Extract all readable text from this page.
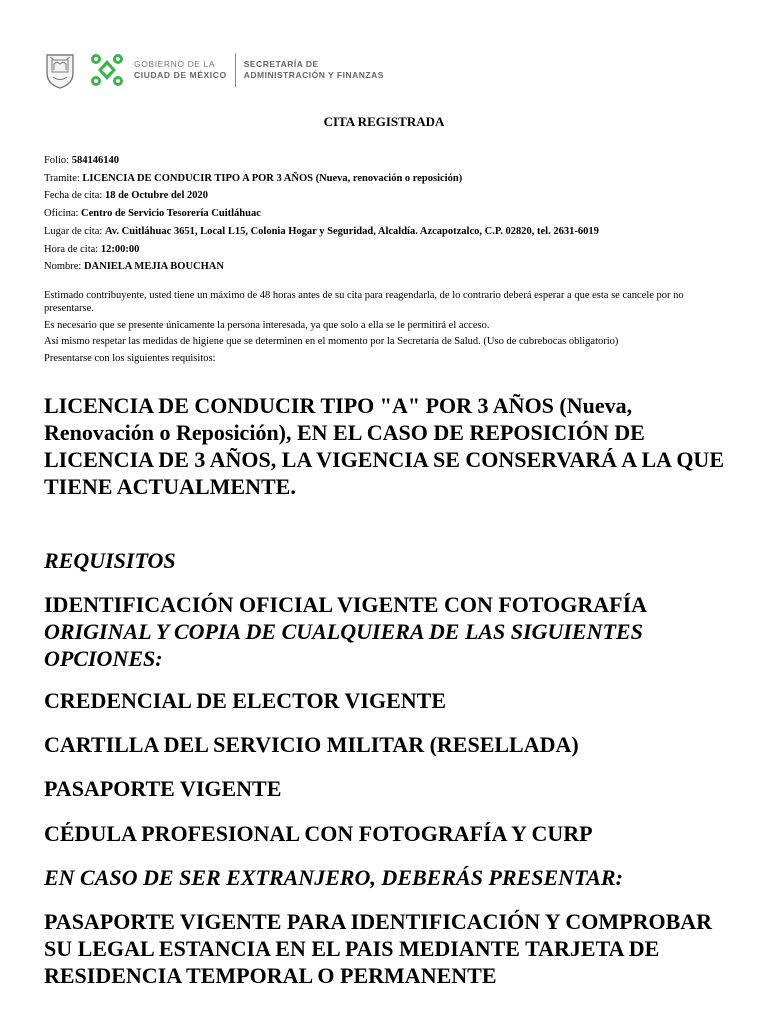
GOBIERNO DE LA
CIUDAD DE MÉXICO
SECRETARÍA DE
ADMINISTRACIÓN Y FINANZAS
CITA REGISTRADA
Folio: 584146140
Tramite: LICENCIA DE CONDUCIR TIPO A POR 3 AÑOS (Nueva, renovación o reposición)
Fecha de cita: 18 de Octubre del 2020
Oficina: Centro de Servicio Tesorería Cuitláhuac
Lugar de cita: Av. Cuitláhuac 3651, Local L15, Colonia Hogar y Seguridad, Alcaldía. Azcapotzalco, C.P. 02820, tel. 2631-6019
Hora de cita: 12:00:00
Nombre: DANIELA MEJIA BOUCHAN

Estimado contribuyente, usted tiene un máximo de 48 horas antes de su cita para reagendarla, de lo contrario deberá esperar a que esta se cancele por no presentarse.

Es necesario que se presente únicamente la persona interesada, ya que solo a ella se le permitirá el acceso.

Así mismo respetar las medidas de higiene que se determinen en el momento por la Secretaría de Salud. (Uso de cubrebocas obligatorio)

Presentarse con los siguientes requisitos:

LICENCIA DE CONDUCIR TIPO "A" POR 3 AÑOS (Nueva, Renovación o Reposición), EN EL CASO DE REPOSICIÓN DE LICENCIA DE 3 AÑOS, LA VIGENCIA SE CONSERVARÁ A LA QUE TIENE ACTUALMENTE.
REQUISITOS
IDENTIFICACIÓN OFICIAL VIGENTE CON FOTOGRAFÍA
ORIGINAL Y COPIA DE CUALQUIERA DE LAS SIGUIENTES OPCIONES:
CREDENCIAL DE ELECTOR VIGENTE
CARTILLA DEL SERVICIO MILITAR (RESELLADA)
PASAPORTE VIGENTE
CÉDULA PROFESIONAL CON FOTOGRAFÍA Y CURP
EN CASO DE SER EXTRANJERO, DEBERÁS PRESENTAR:
PASAPORTE VIGENTE PARA IDENTIFICACIÓN Y COMPROBAR SU LEGAL ESTANCIA EN EL PAIS MEDIANTE TARJETA DE RESIDENCIA TEMPORAL O PERMANENTE
